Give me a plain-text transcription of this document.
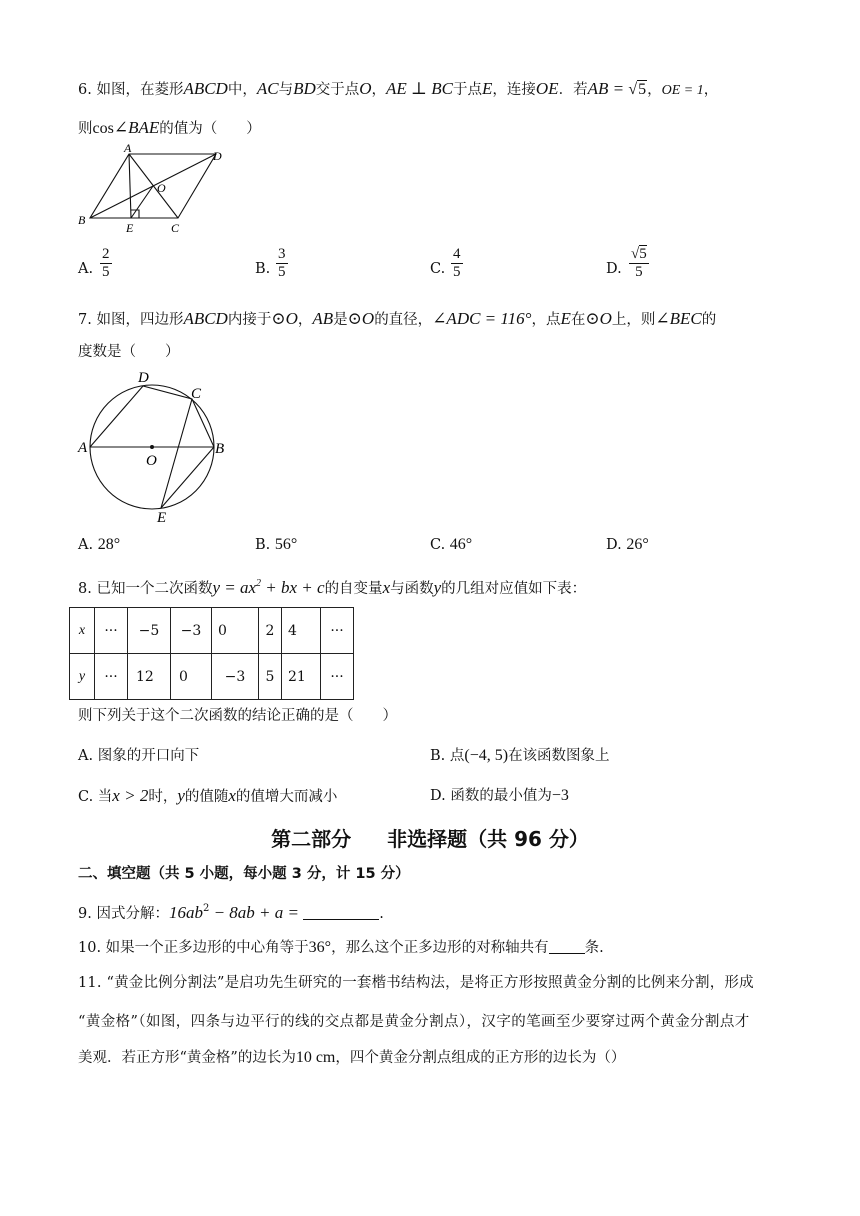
6. 如图，在菱形ABCD中，AC与BD交于点O，AE ⊥ BC于点E，连接OE．若AB = √5，OE = 1，
则cos∠BAE的值为（　　）
A
D
O
B
E	C
A. $\frac{2}{5}$	B. $\frac{3}{5}$	C. $\frac{4}{5}$	D. $\frac{√5}{5}$
7. 如图，四边形ABCD内接于⊙O，AB是⊙O的直径，∠ADC = 116°，点E在⊙O上，则∠BEC的
度数是（　　）
D
C
A	B
O
E
A. 28°	B. 56°	C. 46°	D. 26°
8. 已知一个二次函数$y = ax^2$ + bx + c的自变量x与函数y的几组对应值如下表：
x	···	−5	−3	0	2	4	···
y	···	12	0	−3	5	21	···
则下列关于这个二次函数的结论正确的是（　　）
A. 图象的开口向下	B. 点(−4, 5)在该函数图象上
C. 当x > 2时，y的值随x的值增大而减小	D. 函数的最小值为−3
第二部分 非选择题（共 96 分）
二、填空题（共 5 小题，每小题 3 分，计 15 分）
9. 因式分解：$16ab^2 - 8ab + a$ =	.
10. 如果一个正多边形的中心角等于36°，那么这个正多边形的对称轴共有 条.
11. “黄金比例分割法”是启功先生研究的一套楷书结构法，是将正方形按照黄金分割的比例来分割，形成
“黄金格”（如图，四条与边平行的线的交点都是黄金分割点），汉字的笔画至少要穿过两个黄金分割点才
美观．若正方形“黄金格”的边长为10 cm，四个黄金分割点组成的正方形的边长为（）
